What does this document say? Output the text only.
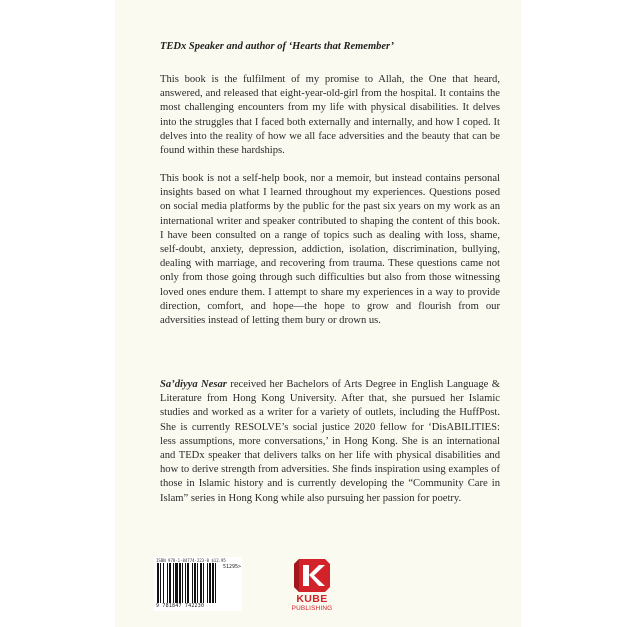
TEDx Speaker and author of ‘Hearts that Remember’

This book is the fulfilment of my promise to Allah, the One that heard, answered, and released that eight-year-old-girl from the hospital. It contains the most challenging encounters from my life with physical disabilities. It delves into the struggles that I faced both externally and internally, and how I coped. It delves into the reality of how we all face adversities and the beauty that can be found within these hardships.

This book is not a self-help book, nor a memoir, but instead contains personal insights based on what I learned throughout my experiences. Questions posed on social media platforms by the public for the past six years on my work as an international writer and speaker contributed to shaping the content of this book. I have been consulted on a range of topics such as dealing with loss, shame, self-doubt, anxiety, depression, addiction, isolation, discrimination, bullying, dealing with marriage, and recovering from trauma. These questions came not only from those going through such difficulties but also from those witnessing loved ones endure them. I attempt to share my experiences in a way to provide direction, comfort, and hope—the hope to grow and flourish from our adversities instead of letting them bury or drown us.

Sa’diyya Nesar received her Bachelors of Arts Degree in English Language & Literature from Hong Kong University. After that, she pursued her Islamic studies and worked as a writer for a variety of outlets, including the HuffPost. She is currently RESOLVE’s social justice 2020 fellow for ‘DisABILITIES: less assumptions, more conversations,’ in Hong Kong. She is an international and TEDx speaker that delivers talks on her life with physical disabilities and how to derive strength from adversities. She finds inspiration using examples of those in Islamic history and is currently developing the “Community Care in Islam” series in Hong Kong while also pursuing her passion for poetry.

ISBN 978-1-84774-223-0 $12.95
51295>
9 781847 742230
KUBE
PUBLISHING
